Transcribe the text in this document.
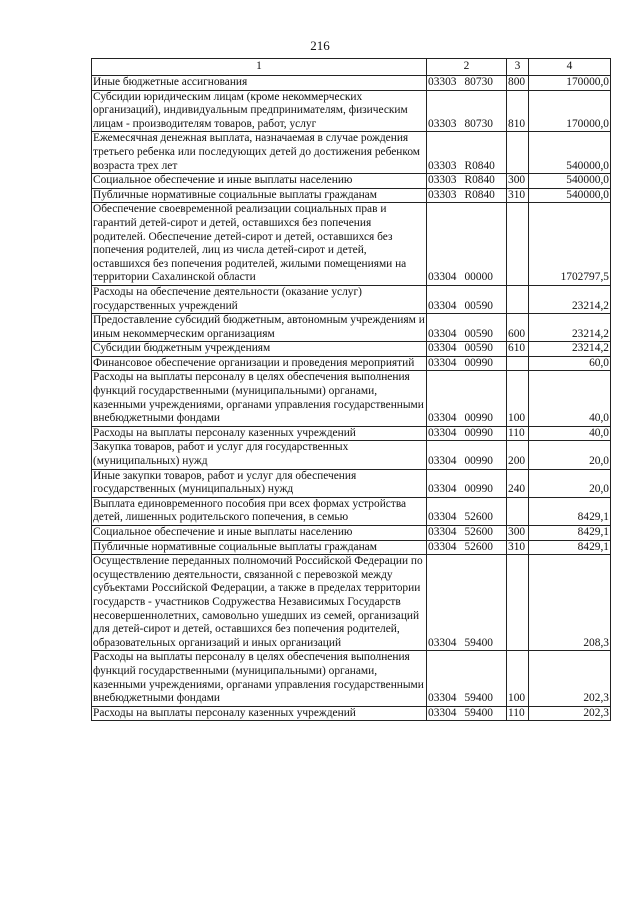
216
1	2	3	4
Иные бюджетные ассигнования	03303 80730	800	170000,0
Субсидии юридическим лицам (кроме некоммерческих организаций), индивидуальным предпринимателям, физическим лицам - производителям товаров, работ, услуг	03303 80730	810	170000,0
Ежемесячная денежная выплата, назначаемая в случае рождения третьего ребенка или последующих детей до достижения ребенком возраста трех лет	03303 R0840		540000,0
Социальное обеспечение и иные выплаты населению	03303 R0840	300	540000,0
Публичные нормативные социальные выплаты гражданам	03303 R0840	310	540000,0
Обеспечение своевременной реализации социальных прав и гарантий детей-сирот и детей, оставшихся без попечения родителей. Обеспечение детей-сирот и детей, оставшихся без попечения родителей, лиц из числа детей-сирот и детей, оставшихся без попечения родителей, жилыми помещениями на территории Сахалинской области	03304 00000		1702797,5
Расходы на обеспечение деятельности (оказание услуг) государственных учреждений	03304 00590		23214,2
Предоставление субсидий бюджетным, автономным учреждениям и иным некоммерческим организациям	03304 00590	600	23214,2
Субсидии бюджетным учреждениям	03304 00590	610	23214,2
Финансовое обеспечение организации и проведения мероприятий	03304 00990		60,0
Расходы на выплаты персоналу в целях обеспечения выполнения функций государственными (муниципальными) органами, казенными учреждениями, органами управления государственными внебюджетными фондами	03304 00990	100	40,0
Расходы на выплаты персоналу казенных учреждений	03304 00990	110	40,0
Закупка товаров, работ и услуг для государственных (муниципальных) нужд	03304 00990	200	20,0
Иные закупки товаров, работ и услуг для обеспечения государственных (муниципальных) нужд	03304 00990	240	20,0
Выплата единовременного пособия при всех формах устройства детей, лишенных родительского попечения, в семью	03304 52600		8429,1
Социальное обеспечение и иные выплаты населению	03304 52600	300	8429,1
Публичные нормативные социальные выплаты гражданам	03304 52600	310	8429,1
Осуществление переданных полномочий Российской Федерации по осуществлению деятельности, связанной с перевозкой между субъектами Российской Федерации, а также в пределах территории государств - участников Содружества Независимых Государств несовершеннолетних, самовольно ушедших из семей, организаций для детей-сирот и детей, оставшихся без попечения родителей, образовательных организаций и иных организаций	03304 59400		208,3
Расходы на выплаты персоналу в целях обеспечения выполнения функций государственными (муниципальными) органами, казенными учреждениями, органами управления государственными внебюджетными фондами	03304 59400	100	202,3
Расходы на выплаты персоналу казенных учреждений	03304 59400	110	202,3
